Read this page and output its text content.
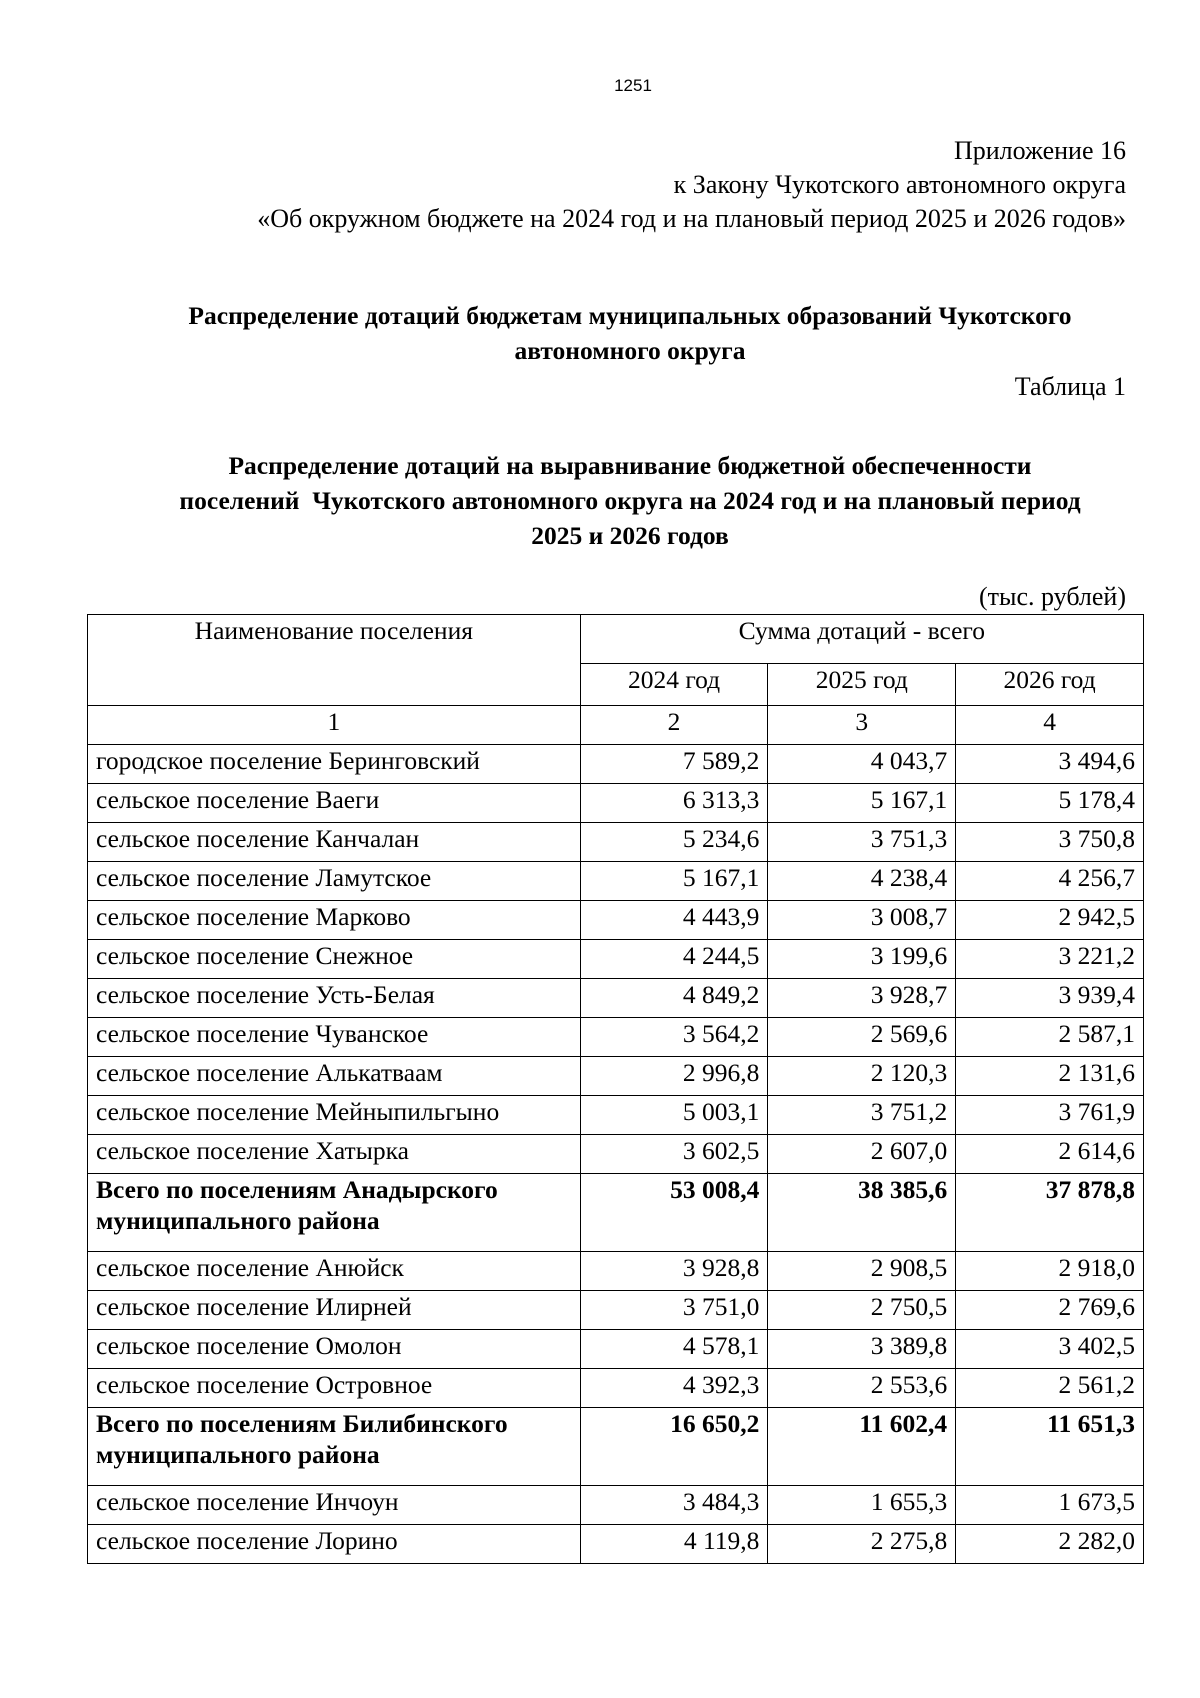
1251
Приложение 16
к Закону Чукотского автономного округа
«Об окружном бюджете на 2024 год и на плановый период 2025 и 2026 годов»
Распределение дотаций бюджетам муниципальных образований Чукотского
автономного округа
Таблица 1
Распределение дотаций на выравнивание бюджетной обеспеченности
поселений  Чукотского автономного округа на 2024 год и на плановый период
2025 и 2026 годов
(тыс. рублей)
Наименование поселения	Сумма дотаций - всего		
	2024 год	2025 год	2026 год
1	2	3	4
городское поселение Беринговский	7 589,2	4 043,7	3 494,6
сельское поселение Ваеги	6 313,3	5 167,1	5 178,4
сельское поселение Канчалан	5 234,6	3 751,3	3 750,8
сельское поселение Ламутское	5 167,1	4 238,4	4 256,7
сельское поселение Марково	4 443,9	3 008,7	2 942,5
сельское поселение Снежное	4 244,5	3 199,6	3 221,2
сельское поселение Усть-Белая	4 849,2	3 928,7	3 939,4
сельское поселение Чуванское	3 564,2	2 569,6	2 587,1
сельское поселение Алькатваам	2 996,8	2 120,3	2 131,6
сельское поселение Мейныпильгыно	5 003,1	3 751,2	3 761,9
сельское поселение Хатырка	3 602,5	2 607,0	2 614,6
Всего по поселениям Анадырского муниципального района	53 008,4	38 385,6	37 878,8
сельское поселение Анюйск	3 928,8	2 908,5	2 918,0
сельское поселение Илирней	3 751,0	2 750,5	2 769,6
сельское поселение Омолон	4 578,1	3 389,8	3 402,5
сельское поселение Островное	4 392,3	2 553,6	2 561,2
Всего по поселениям Билибинского муниципального района	16 650,2	11 602,4	11 651,3
сельское поселение Инчоун	3 484,3	1 655,3	1 673,5
сельское поселение Лорино	4 119,8	2 275,8	2 282,0
